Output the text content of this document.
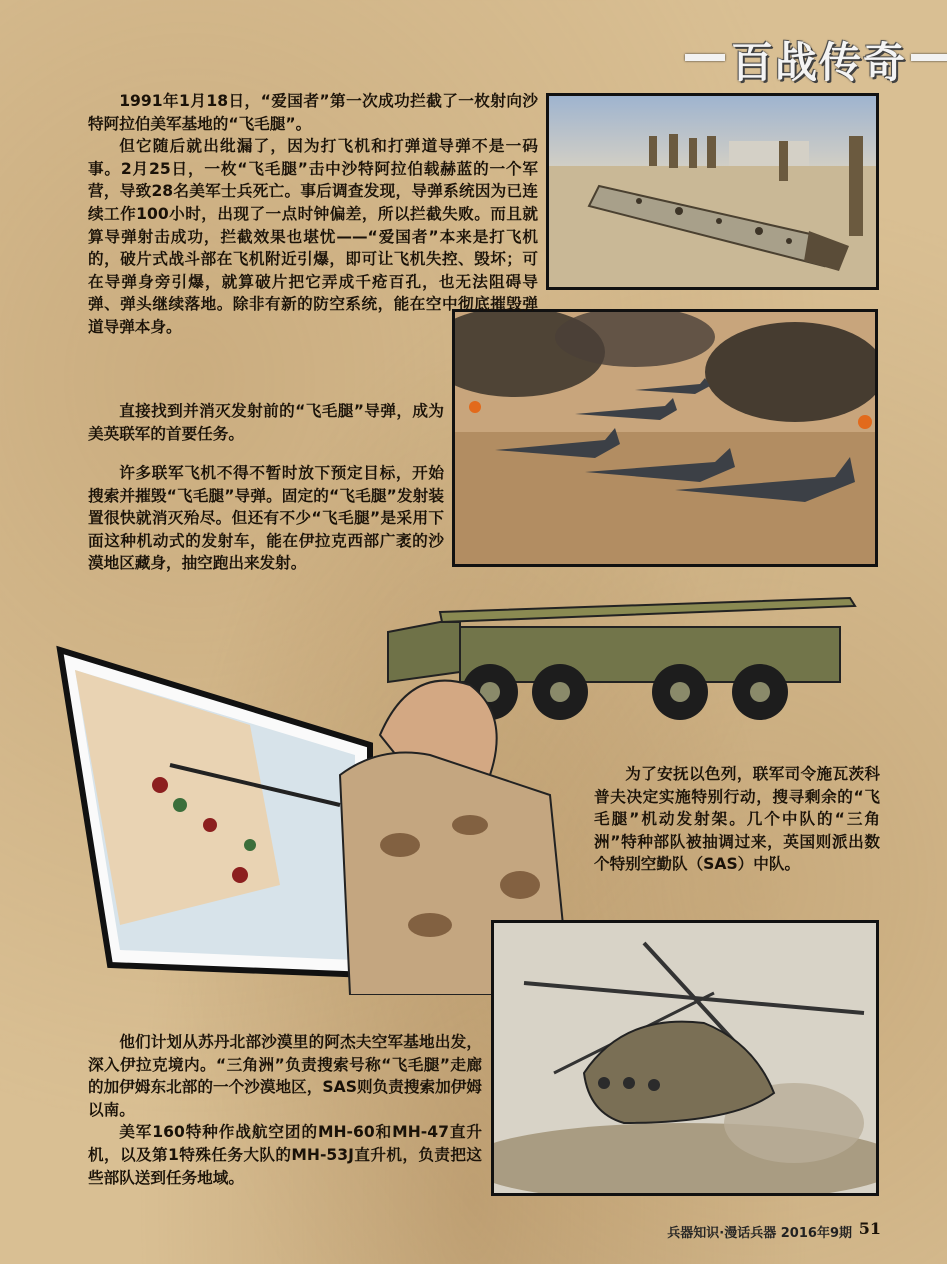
百战传奇

1991年1月18日，“爱国者”第一次成功拦截了一枚射向沙特阿拉伯美军基地的“飞毛腿”。

但它随后就出纰漏了，因为打飞机和打弹道导弹不是一码事。2月25日，一枚“飞毛腿”击中沙特阿拉伯载赫蓝的一个军营，导致28名美军士兵死亡。事后调查发现，导弹系统因为已连续工作100小时，出现了一点时钟偏差，所以拦截失败。而且就算导弹射击成功，拦截效果也堪忧——“爱国者”本来是打飞机的，破片式战斗部在飞机附近引爆，即可让飞机失控、毁坏；可在导弹身旁引爆，就算破片把它弄成千疮百孔，也无法阻碍导弹、弹头继续落地。除非有新的防空系统，能在空中彻底摧毁弹道导弹本身。

直接找到并消灭发射前的“飞毛腿”导弹，成为美英联军的首要任务。

许多联军飞机不得不暂时放下预定目标，开始搜索并摧毁“飞毛腿”导弹。固定的“飞毛腿”发射装置很快就消灭殆尽。但还有不少“飞毛腿”是采用下面这种机动式的发射车，能在伊拉克西部广袤的沙漠地区藏身，抽空跑出来发射。

为了安抚以色列，联军司令施瓦茨科普夫决定实施特别行动，搜寻剩余的“飞毛腿”机动发射架。几个中队的“三角洲”特种部队被抽调过来，英国则派出数个特别空勤队（SAS）中队。

他们计划从苏丹北部沙漠里的阿杰夫空军基地出发，深入伊拉克境内。“三角洲”负责搜索号称“飞毛腿”走廊的加伊姆东北部的一个沙漠地区，SAS则负责搜索加伊姆以南。

美军160特种作战航空团的MH-60和MH-47直升机，以及第1特殊任务大队的MH-53J直升机，负责把这些部队送到任务地域。

兵器知识·漫话兵器 2016年9期 51
